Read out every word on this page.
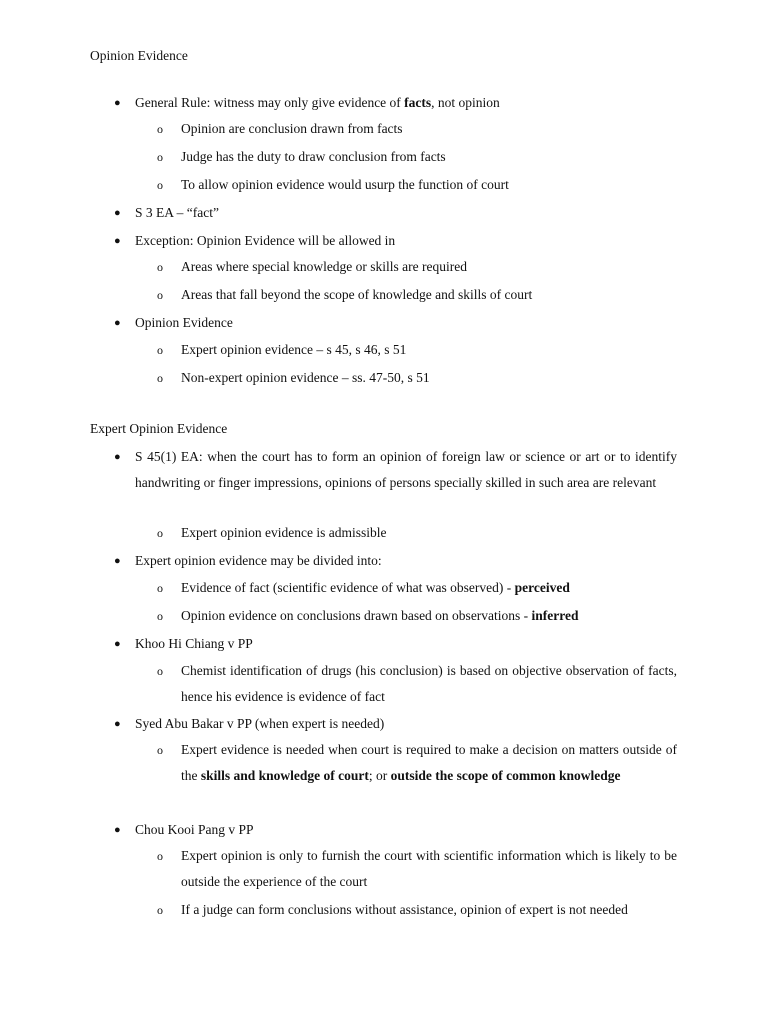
Opinion Evidence
● General Rule: witness may only give evidence of facts, not opinion
o Opinion are conclusion drawn from facts
o Judge has the duty to draw conclusion from facts
o To allow opinion evidence would usurp the function of court
● S 3 EA – “fact”
● Exception: Opinion Evidence will be allowed in
o Areas where special knowledge or skills are required
o Areas that fall beyond the scope of knowledge and skills of court
● Opinion Evidence
o Expert opinion evidence – s 45, s 46, s 51
o Non-expert opinion evidence – ss. 47-50, s 51
Expert Opinion Evidence
● S 45(1) EA: when the court has to form an opinion of foreign law or science or art or to identify handwriting or finger impressions, opinions of persons specially skilled in such area are relevant
o Expert opinion evidence is admissible
● Expert opinion evidence may be divided into:
o Evidence of fact (scientific evidence of what was observed) - perceived
o Opinion evidence on conclusions drawn based on observations - inferred
● Khoo Hi Chiang v PP
o Chemist identification of drugs (his conclusion) is based on objective observation of facts, hence his evidence is evidence of fact
● Syed Abu Bakar v PP (when expert is needed)
o Expert evidence is needed when court is required to make a decision on matters outside of the skills and knowledge of court; or outside the scope of common knowledge
● Chou Kooi Pang v PP
o Expert opinion is only to furnish the court with scientific information which is likely to be outside the experience of the court
o If a judge can form conclusions without assistance, opinion of expert is not needed
